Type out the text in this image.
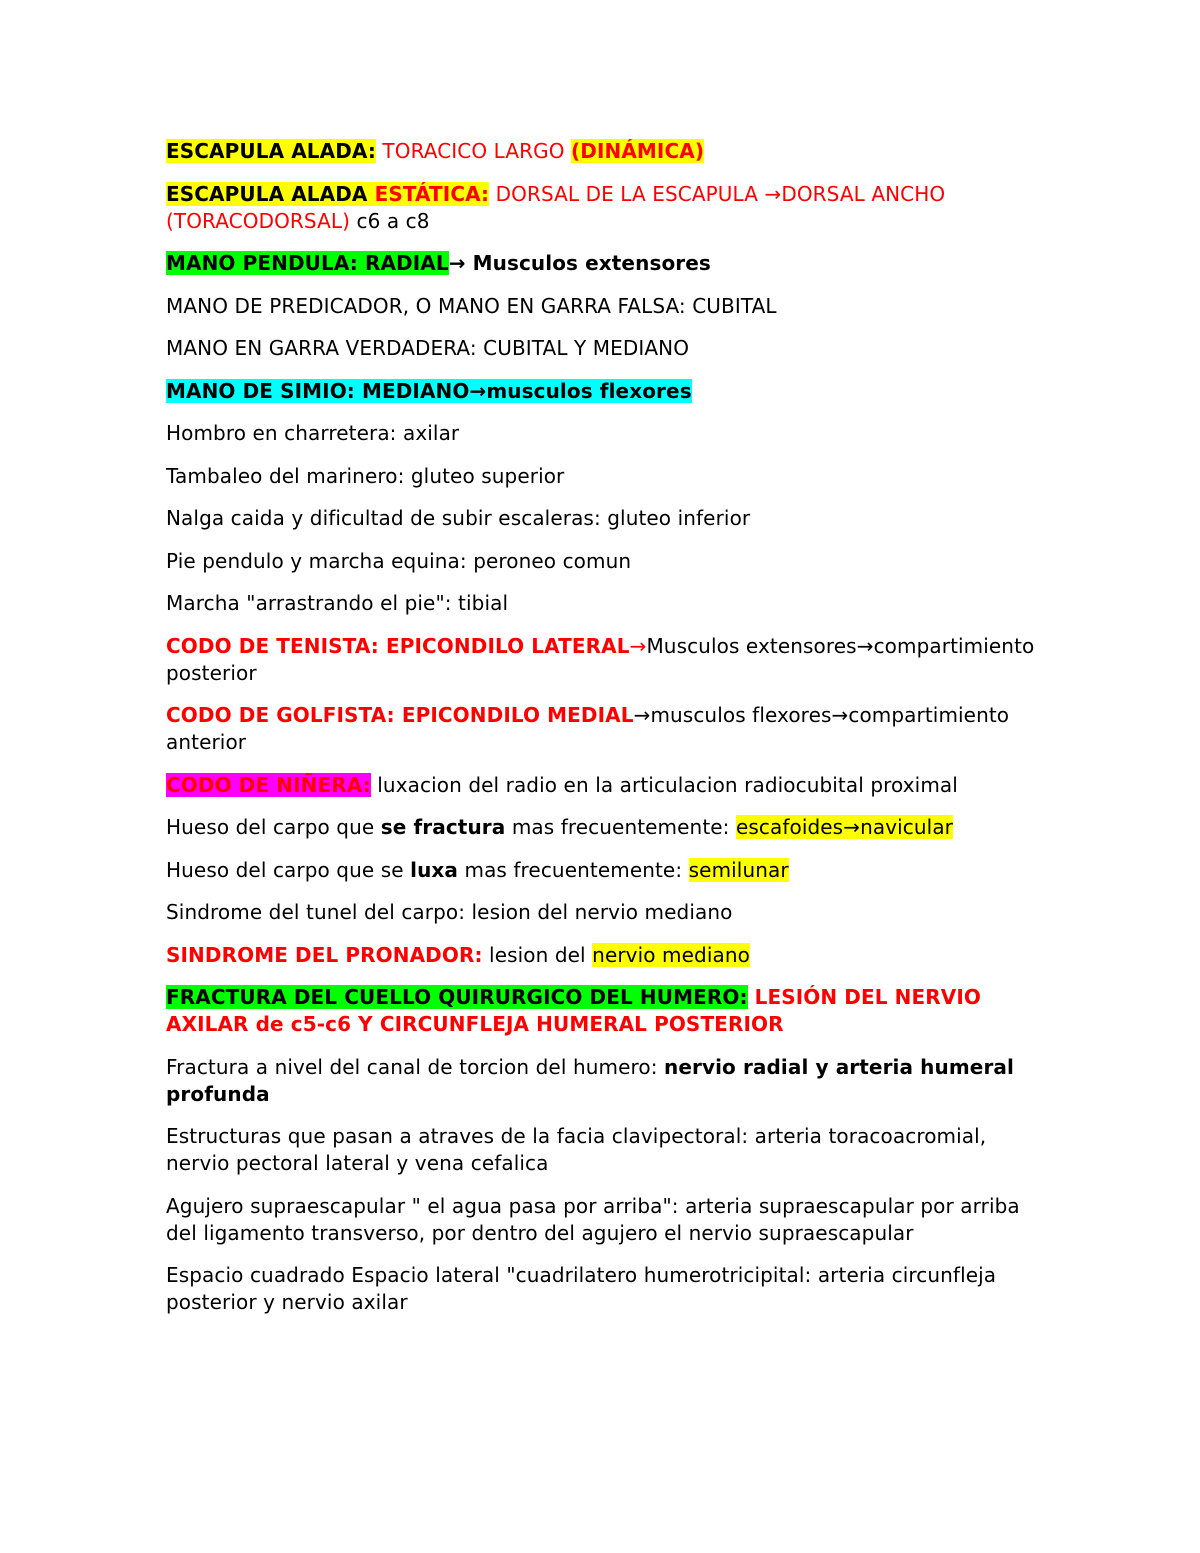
ESCAPULA ALADA: TORACICO LARGO (DINÁMICA)

ESCAPULA ALADA ESTÁTICA: DORSAL DE LA ESCAPULA →DORSAL ANCHO (TORACODORSAL) c6 a c8

MANO PENDULA: RADIAL→ Musculos extensores

MANO DE PREDICADOR, O MANO EN GARRA FALSA: CUBITAL

MANO EN GARRA VERDADERA: CUBITAL Y MEDIANO

MANO DE SIMIO: MEDIANO→musculos flexores

Hombro en charretera: axilar

Tambaleo del marinero: gluteo superior

Nalga caida y dificultad de subir escaleras: gluteo inferior

Pie pendulo y marcha equina: peroneo comun

Marcha "arrastrando el pie": tibial

CODO DE TENISTA: EPICONDILO LATERAL→Musculos extensores→compartimiento posterior

CODO DE GOLFISTA: EPICONDILO MEDIAL→musculos flexores→compartimiento anterior

CODO DE NIÑERA: luxacion del radio en la articulacion radiocubital proximal

Hueso del carpo que se fractura mas frecuentemente: escafoides→navicular

Hueso del carpo que se luxa mas frecuentemente: semilunar

Sindrome del tunel del carpo: lesion del nervio mediano

SINDROME DEL PRONADOR: lesion del nervio mediano

FRACTURA DEL CUELLO QUIRURGICO DEL HUMERO: LESIÓN DEL NERVIO AXILAR de c5-c6 Y CIRCUNFLEJA HUMERAL POSTERIOR

Fractura a nivel del canal de torcion del humero: nervio radial y arteria humeral profunda

Estructuras que pasan a atraves de la facia clavipectoral: arteria toracoacromial, nervio pectoral lateral y vena cefalica

Agujero supraescapular " el agua pasa por arriba": arteria supraescapular por arriba del ligamento transverso, por dentro del agujero el nervio supraescapular

Espacio cuadrado Espacio lateral "cuadrilatero humerotricipital: arteria circunfleja posterior y nervio axilar
